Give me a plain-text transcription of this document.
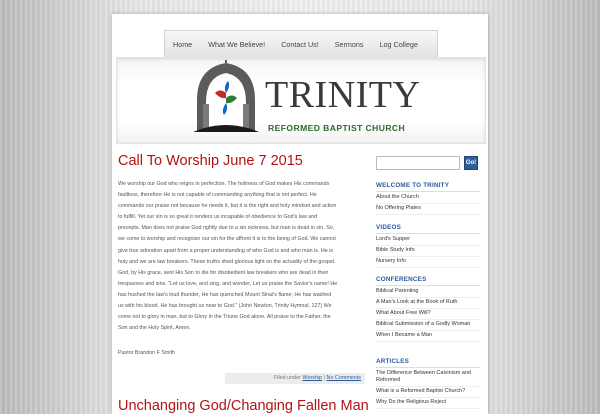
Home	What We Believe!	Contact Us!	Sermons	Log College
TRINITY
REFORMED BAPTIST CHURCH
Call To Worship June 7 2015

We worship our God who reigns in perfection. The holiness of God makes His commands

faultless, therefore He is not capable of commanding anything that is not perfect. He

commands our praise not because he needs it, but it is the right and holy mindset and action

to fulfill. Yet our sin is so great it renders us incapable of obedience to God's law and

precepts. Man does not praise God rightly due to a sin sickness, but man is dead in sin. So,

we come to worship and recognize our sin for the affront it is to the being of God. We cannot

give true adoration apart from a proper understanding of who God is and who man is. He is

holy and we are law breakers. These truths shed glorious light on the actuality of the gospel.

God, by His grace, sent His Son to die for disobedient law breakers who are dead in their

trespasses and sins. "Let us love, and sing, and wonder, Let us praise the Savior's name! He

has hushed the law's loud thunder, He has quenched Mount Sinai's flame; He has washed

us with his blood, He has brought us near to God." (John Newton, Trinity Hymnal, 127) We

come not to glory in man, but to Glory in the Triune God alone. All praise to the Father, the

Son and the Holy Spirit, Amen.

Pastor Brandon F Smith
Filed under Worship | No Comments
Unchanging God/Changing Fallen Man
Go!
WELCOME TO TRINITY
About the Church
No Offering Plates
VIDEOS
Lord's Supper
Bible Study Info
Nursery Info
CONFERENCES
Biblical Parenting
A Man's Look at the Book of Ruth
What About Free Will?
Biblical Submission of a Godly Woman
When I Became a Man
ARTICLES
The Difference Between Calvinism and Reformed
What is a Reformed Baptist Church?
Why Do the Religious Reject
